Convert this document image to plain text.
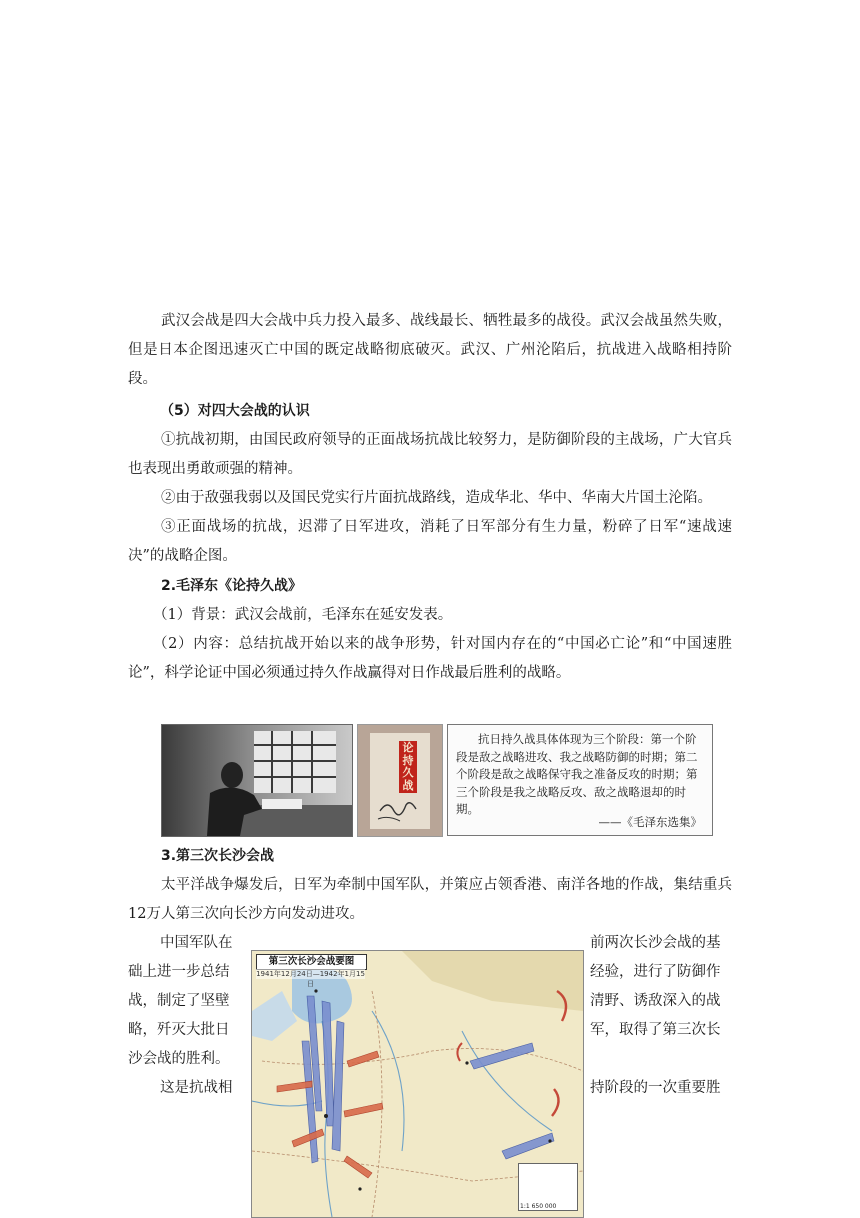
武汉会战是四大会战中兵力投入最多、战线最长、牺牲最多的战役。武汉会战虽然失败，但是日本企图迅速灭亡中国的既定战略彻底破灭。武汉、广州沦陷后，抗战进入战略相持阶段。

（5）对四大会战的认识

①抗战初期，由国民政府领导的正面战场抗战比较努力，是防御阶段的主战场，广大官兵也表现出勇敢顽强的精神。

②由于敌强我弱以及国民党实行片面抗战路线，造成华北、华中、华南大片国土沦陷。

③正面战场的抗战，迟滞了日军进攻，消耗了日军部分有生力量，粉碎了日军“速战速决”的战略企图。

2.毛泽东《论持久战》

（1）背景：武汉会战前，毛泽东在延安发表。

（2）内容：总结抗战开始以来的战争形势，针对国内存在的“中国必亡论”和“中国速胜论”，科学论证中国必须通过持久作战赢得对日作战最后胜利的战略。

论持久战
抗日持久战具体体现为三个阶段：第一个阶段是敌之战略进攻、我之战略防御的时期；第二个阶段是敌之战略保守我之准备反攻的时期；第三个阶段是我之战略反攻、敌之战略退却的时期。
——《毛泽东选集》

3.第三次长沙会战

太平洋战争爆发后，日军为牵制中国军队，并策应占领香港、南洋各地的作战，集结重兵12万人第三次向长沙方向发动进攻。

中国军队在	前两次长沙会战的基
础上进一步总结	经验，进行了防御作
战，制定了坚壁	清野、诱敌深入的战
略，歼灭大批日	军，取得了第三次长
沙会战的胜利。
这是抗战相	持阶段的一次重要胜
第三次长沙会战要图
1941年12月24日—1942年1月15日
1:1 650 000
